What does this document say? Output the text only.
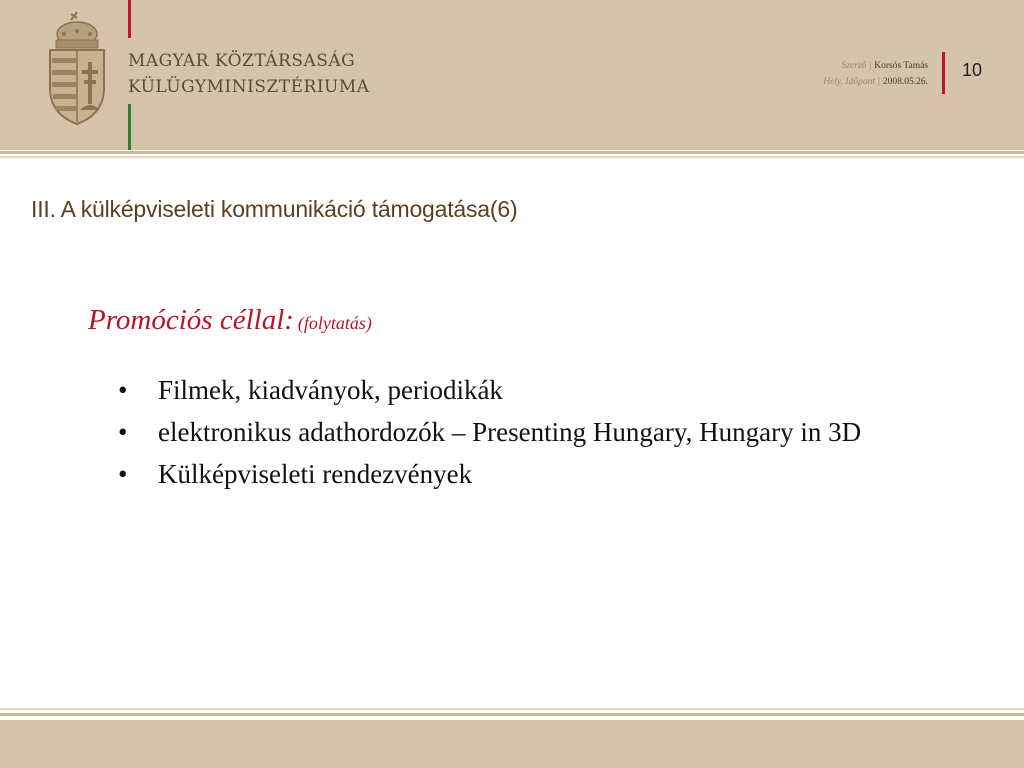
MAGYAR KÖZTÁRSASÁG
KÜLÜGYMINISZTÉRIUMA
Szerző | Korsós Tamás
Hely, Időpont | 2008.05.26.
10
III. A külképviseleti kommunikáció támogatása(6)
Promóciós céllal: (folytatás)
• Filmek, kiadványok, periodikák
• elektronikus adathordozók – Presenting Hungary, Hungary in 3D
• Külképviseleti rendezvények
